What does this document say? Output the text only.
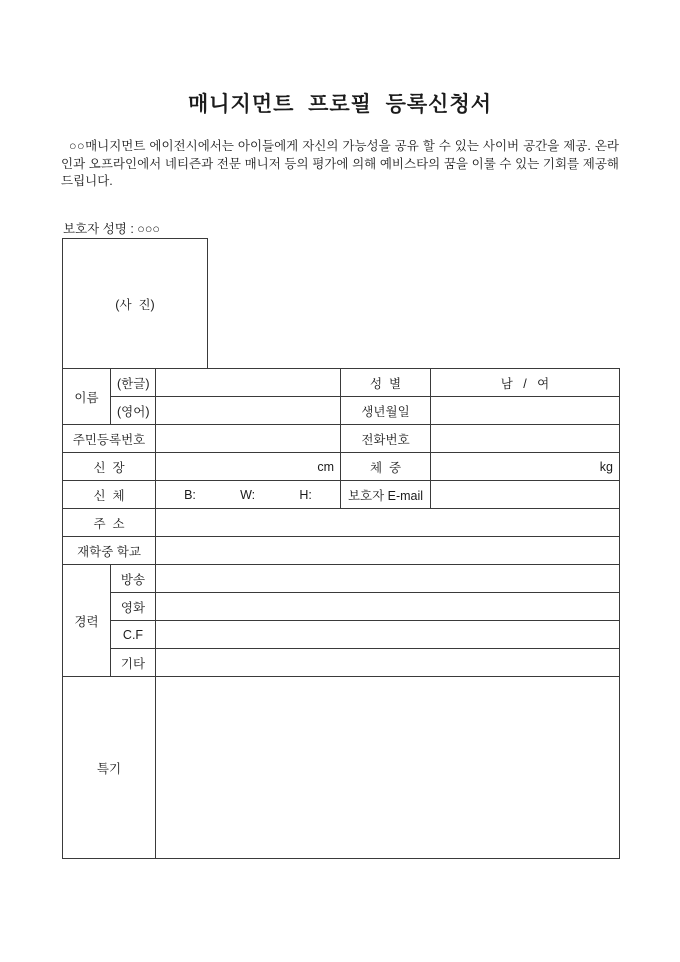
매니지먼트  프로필  등록신청서
○○매니지먼트 에이전시에서는 아이들에게 자신의 가능성을 공유 할 수 있는 사이버 공간을 제공. 온라인과 오프라인에서 네티즌과 전문 매니저 등의 평가에 의해 예비스타의 꿈을 이룰 수 있는 기회를 제공해 드립니다.
보호자 성명 : ○○○
(사  진)
이름	(한글)		성  별	남   /   여
	(영어)		생년월일	
주민등록번호			전화번호	
신  장		cm	체  중	kg
신  체		B: W: H:	보호자 E-mail	
주  소				
재학중 학교				
경력	방송			
	영화			
	C.F			
	기타			
특기				
